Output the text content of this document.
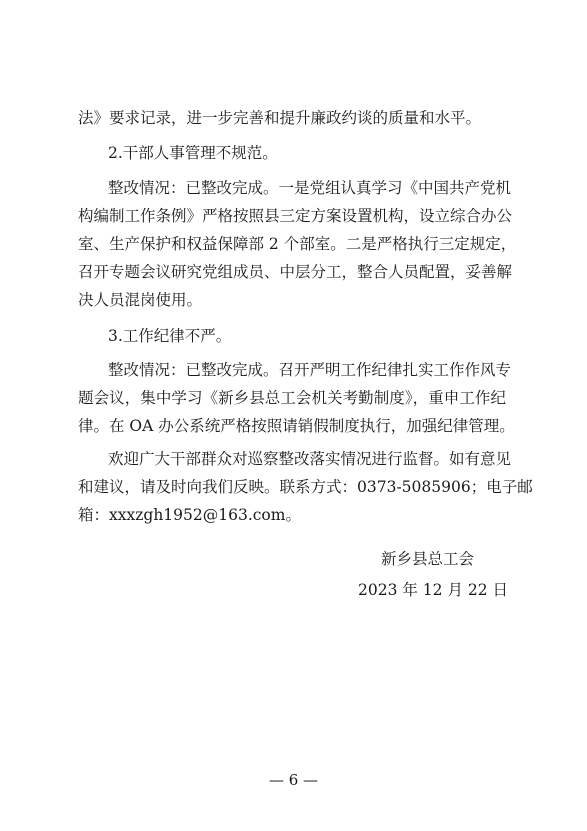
法》要求记录，进一步完善和提升廉政约谈的质量和水平。
2.干部人事管理不规范。
整改情况：已整改完成。一是党组认真学习《中国共产党机
构编制工作条例》严格按照县三定方案设置机构，设立综合办公
室、生产保护和权益保障部 2 个部室。二是严格执行三定规定，
召开专题会议研究党组成员、中层分工，整合人员配置，妥善解
决人员混岗使用。
3.工作纪律不严。
整改情况：已整改完成。召开严明工作纪律扎实工作作风专
题会议，集中学习《新乡县总工会机关考勤制度》，重申工作纪
律。在 OA 办公系统严格按照请销假制度执行，加强纪律管理。
欢迎广大干部群众对巡察整改落实情况进行监督。如有意见
和建议，请及时向我们反映。联系方式：0373-5085906；电子邮
箱：xxxzgh1952@163.com。
新乡县总工会
2023 年 12 月 22 日
— 6 —
